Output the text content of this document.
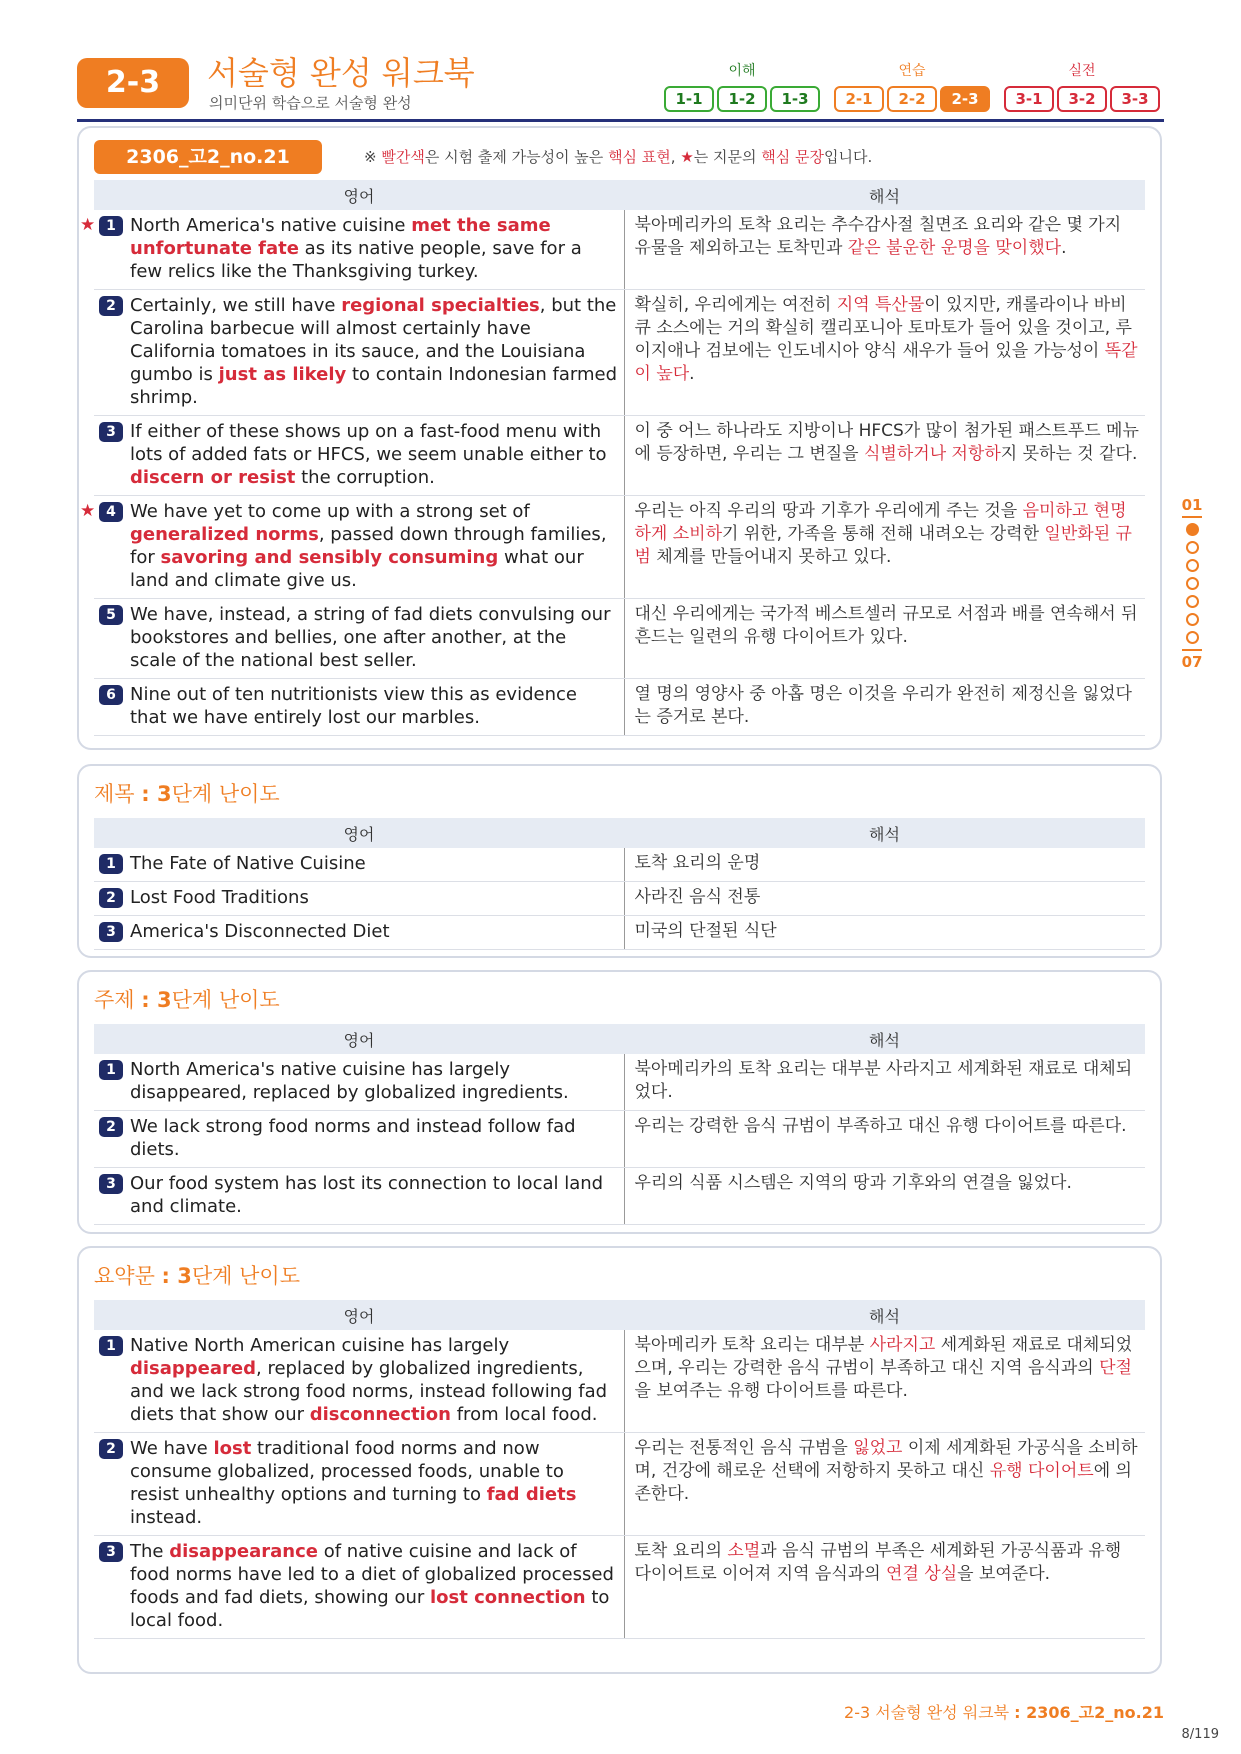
2-3	서술형 완성 워크북
의미단위 학습으로 서술형 완성
이해
1-1	1-2	1-3
연습
2-1	2-2	2-3
실전
3-1	3-2	3-3
2306_고2_no.21	※ 빨간색은 시험 출제 가능성이 높은 핵심 표현, ★는 지문의 핵심 문장입니다.
영어	해석

1
★ North America's native cuisine met the same unfortunate fate as its native people, save for a few relics like the Thanksgiving turkey.	북아메리카의 토착 요리는 추수감사절 칠면조 요리와 같은 몇 가지 유물을 제외하고는 토착민과 같은 불운한 운명을 맞이했다.

2 Certainly, we still have regional specialties, but the Carolina barbecue will almost certainly have California tomatoes in its sauce, and the Louisiana gumbo is just as likely to contain Indonesian farmed shrimp.	확실히, 우리에게는 여전히 지역 특산물이 있지만, 캐롤라이나 바비큐 소스에는 거의 확실히 캘리포니아 토마토가 들어 있을 것이고, 루이지애나 검보에는 인도네시아 양식 새우가 들어 있을 가능성이 똑같이 높다.

3 If either of these shows up on a fast-food menu with lots of added fats or HFCS, we seem unable either to discern or resist the corruption.	이 중 어느 하나라도 지방이나 HFCS가 많이 첨가된 패스트푸드 메뉴에 등장하면, 우리는 그 변질을 식별하거나 저항하지 못하는 것 같다.

4
★ We have yet to come up with a strong set of generalized norms, passed down through families, for savoring and sensibly consuming what our land and climate give us.	우리는 아직 우리의 땅과 기후가 우리에게 주는 것을 음미하고 현명하게 소비하기 위한, 가족을 통해 전해 내려오는 강력한 일반화된 규범 체계를 만들어내지 못하고 있다.

5 We have, instead, a string of fad diets convulsing our bookstores and bellies, one after another, at the scale of the national best seller.	대신 우리에게는 국가적 베스트셀러 규모로 서점과 배를 연속해서 뒤흔드는 일련의 유행 다이어트가 있다.

6 Nine out of ten nutritionists view this as evidence that we have entirely lost our marbles.	열 명의 영양사 중 아홉 명은 이것을 우리가 완전히 제정신을 잃었다는 증거로 본다.
제목 : 3단계 난이도
영어	해석

1 The Fate of Native Cuisine	토착 요리의 운명

2 Lost Food Traditions	사라진 음식 전통

3 America's Disconnected Diet	미국의 단절된 식단
주제 : 3단계 난이도
영어	해석

1 North America's native cuisine has largely disappeared, replaced by globalized ingredients.	북아메리카의 토착 요리는 대부분 사라지고 세계화된 재료로 대체되었다.

2 We lack strong food norms and instead follow fad diets.	우리는 강력한 음식 규범이 부족하고 대신 유행 다이어트를 따른다.

3 Our food system has lost its connection to local land and climate.	우리의 식품 시스템은 지역의 땅과 기후와의 연결을 잃었다.
요약문 : 3단계 난이도
영어	해석

1 Native North American cuisine has largely disappeared, replaced by globalized ingredients, and we lack strong food norms, instead following fad diets that show our disconnection from local food.	북아메리카 토착 요리는 대부분 사라지고 세계화된 재료로 대체되었으며, 우리는 강력한 음식 규범이 부족하고 대신 지역 음식과의 단절을 보여주는 유행 다이어트를 따른다.

2 We have lost traditional food norms and now consume globalized, processed foods, unable to resist unhealthy options and turning to fad diets instead.	우리는 전통적인 음식 규범을 잃었고 이제 세계화된 가공식을 소비하며, 건강에 해로운 선택에 저항하지 못하고 대신 유행 다이어트에 의존한다.

3 The disappearance of native cuisine and lack of food norms have led to a diet of globalized processed foods and fad diets, showing our lost connection to local food.	토착 요리의 소멸과 음식 규범의 부족은 세계화된 가공식품과 유행 다이어트로 이어져 지역 음식과의 연결 상실을 보여준다.
01
07
2-3 서술형 완성 워크북 : 2306_고2_no.21
8/119
